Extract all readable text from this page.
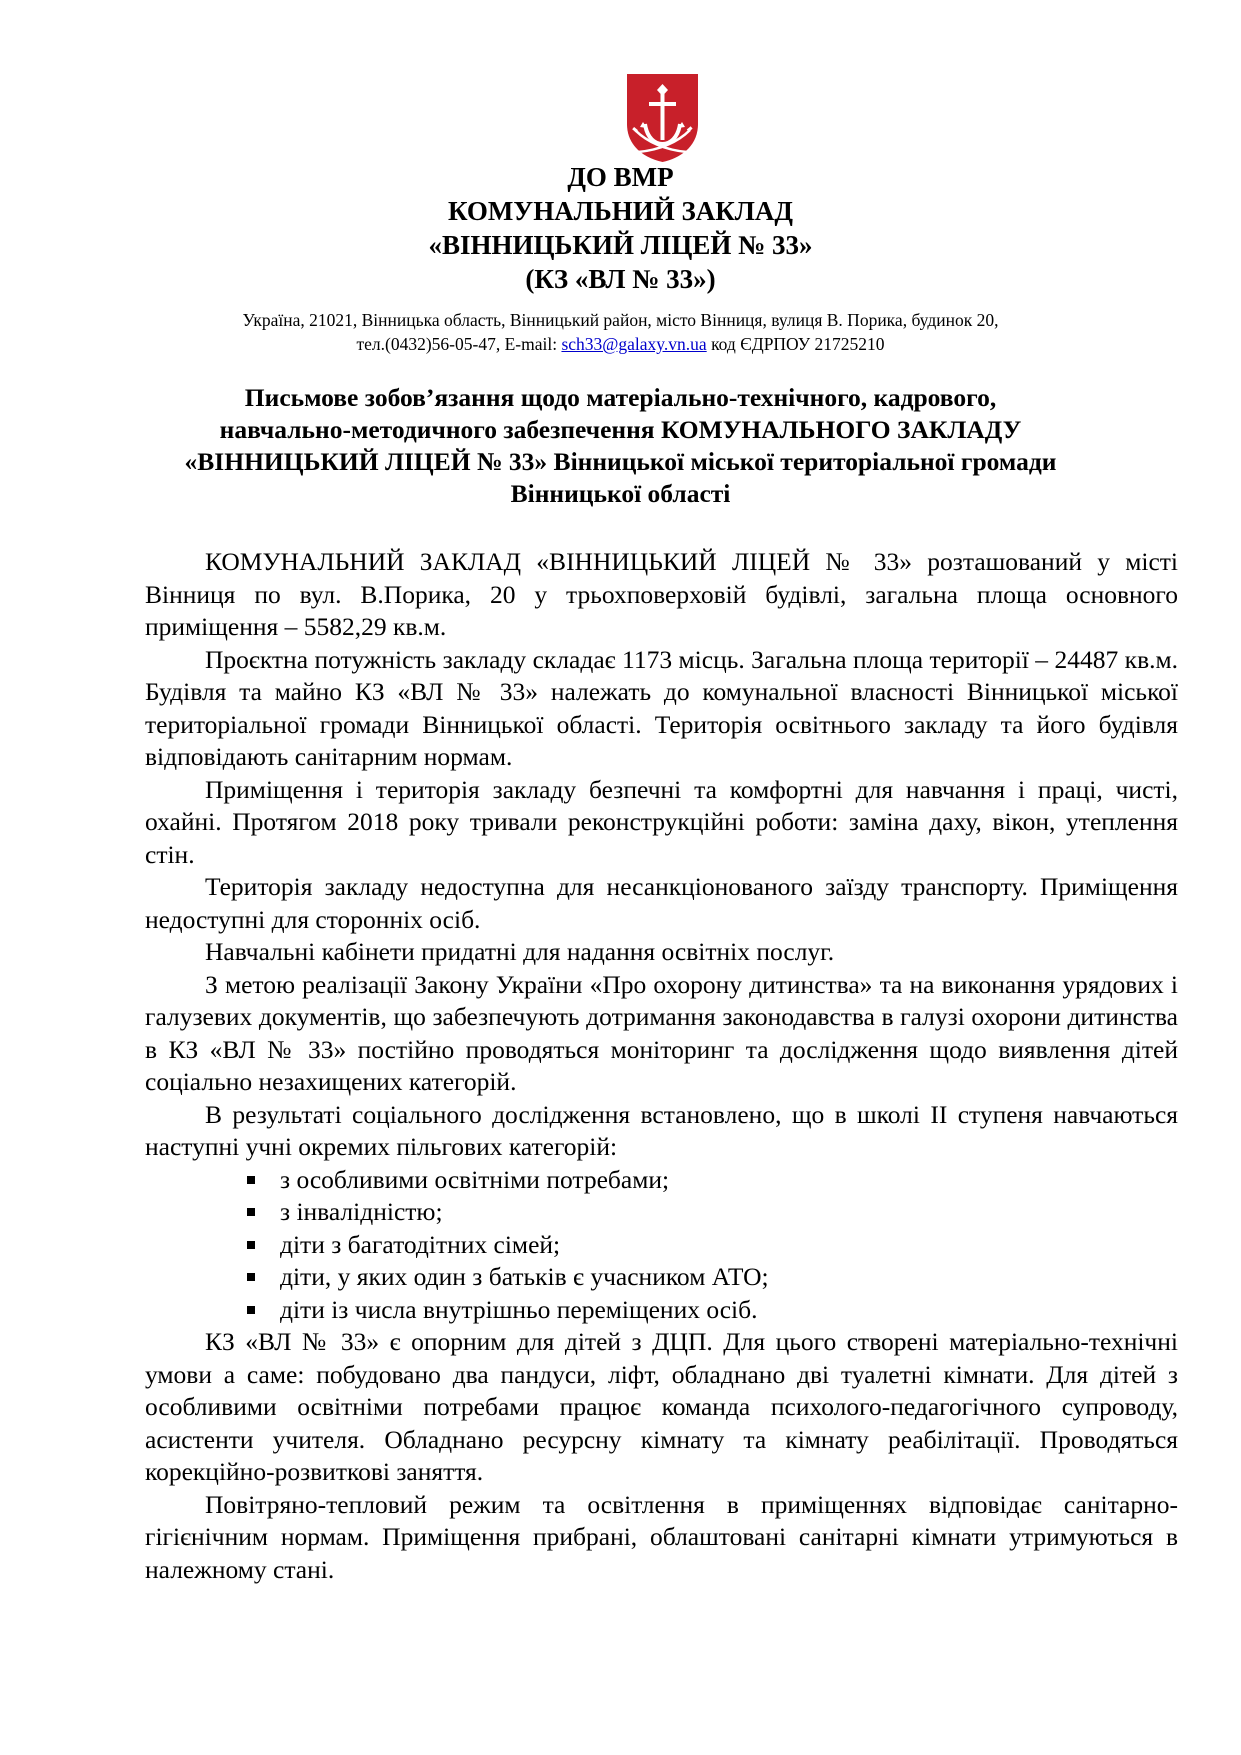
ДО ВМР
КОМУНАЛЬНИЙ ЗАКЛАД
«ВІННИЦЬКИЙ ЛІЦЕЙ № 33»
(КЗ «ВЛ № 33»)
Україна, 21021, Вінницька область, Вінницький район, місто Вінниця, вулиця В. Порика, будинок 20,
тел.(0432)56-05-47, E-mail: sch33@galaxy.vn.ua код ЄДРПОУ 21725210
Письмове зобов’язання щодо матеріально-технічного, кадрового,
навчально-методичного забезпечення КОМУНАЛЬНОГО ЗАКЛАДУ
«ВІННИЦЬКИЙ ЛІЦЕЙ № 33» Вінницької міської територіальної громади
Вінницької області

КОМУНАЛЬНИЙ ЗАКЛАД «ВІННИЦЬКИЙ ЛІЦЕЙ № 33» розташований у місті Вінниця по вул. В.Порика, 20 у трьохповерховій будівлі, загальна площа основного приміщення – 5582,29 кв.м.

Проєктна потужність закладу складає 1173 місць. Загальна площа території – 24487 кв.м. Будівля та майно КЗ «ВЛ № 33» належать до комунальної власності Вінницької міської територіальної громади Вінницької області. Територія освітнього закладу та його будівля відповідають санітарним нормам.

Приміщення і територія закладу безпечні та комфортні для навчання і праці, чисті, охайні. Протягом 2018 року тривали реконструкційні роботи: заміна даху, вікон, утеплення стін.

Територія закладу недоступна для несанкціонованого заїзду транспорту. Приміщення недоступні для сторонніх осіб.

Навчальні кабінети придатні для надання освітніх послуг.

З метою реалізації Закону України «Про охорону дитинства» та на виконання урядових і галузевих документів, що забезпечують дотримання законодавства в галузі охорони дитинства в КЗ «ВЛ № 33» постійно проводяться моніторинг та дослідження щодо виявлення дітей соціально незахищених категорій.

В результаті соціального дослідження встановлено, що в школі ІІ ступеня навчаються наступні учні окремих пільгових категорій:

з особливими освітніми потребами;
з інвалідністю;
діти з багатодітних сімей;
діти, у яких один з батьків є учасником АТО;
діти із числа внутрішньо переміщених осіб.

КЗ «ВЛ № 33» є опорним для дітей з ДЦП. Для цього створені матеріально-технічні умови а саме: побудовано два пандуси, ліфт, обладнано дві туалетні кімнати. Для дітей з особливими освітніми потребами працює команда психолого-педагогічного супроводу, асистенти учителя. Обладнано ресурсну кімнату та кімнату реабілітації. Проводяться корекційно-розвиткові заняття.

Повітряно-тепловий режим та освітлення в приміщеннях відповідає санітарно-гігієнічним нормам. Приміщення прибрані, облаштовані санітарні кімнати утримуються в належному стані.
